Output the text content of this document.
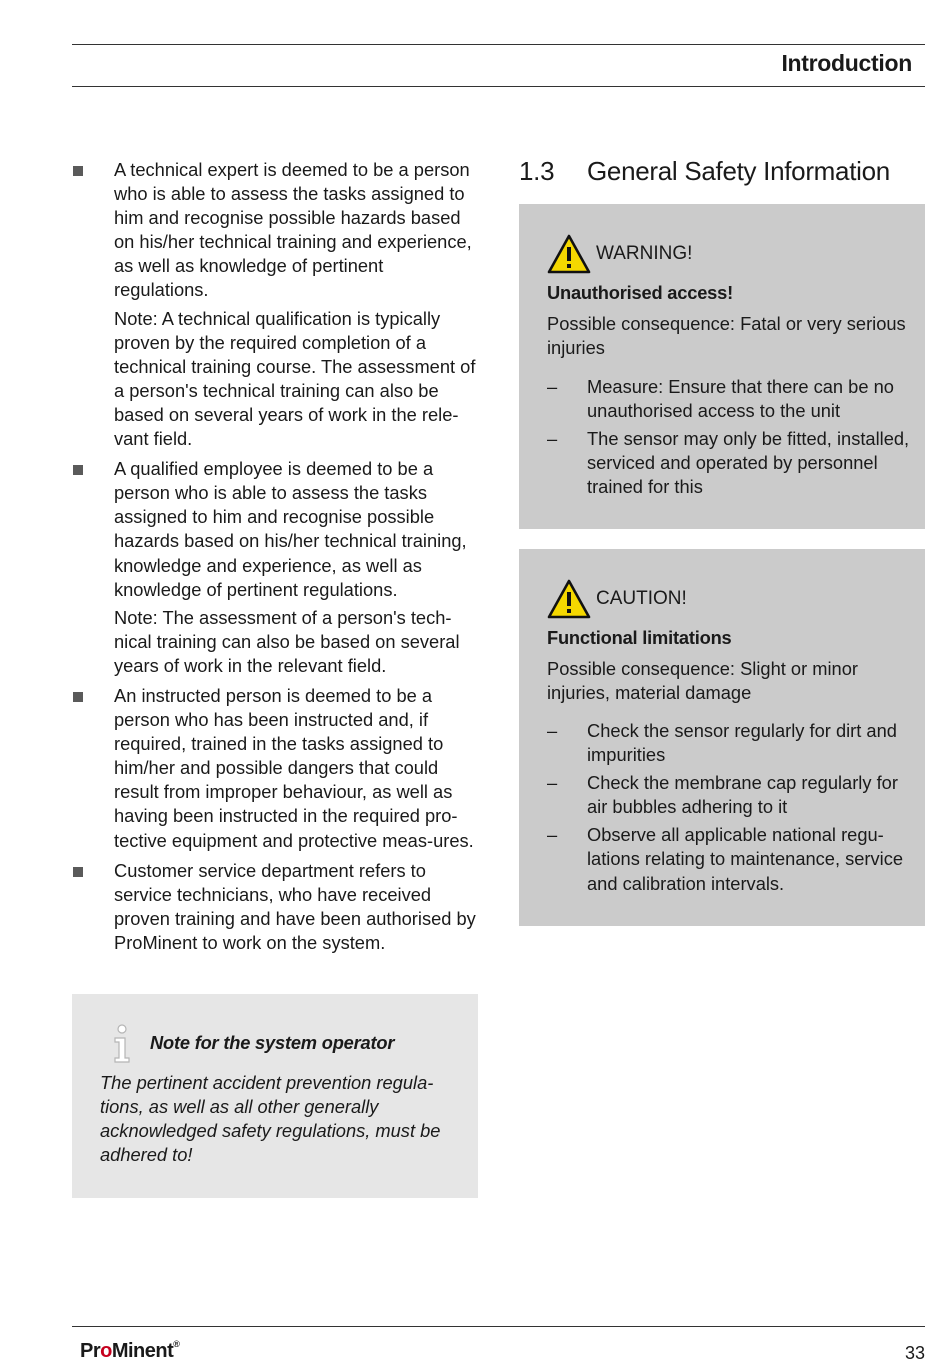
Introduction

A technical expert is deemed to be a person who is able to assess the tasks assigned to him and recognise possible hazards based on his/her technical training and experience, as well as knowledge of pertinent regulations.

Note: A technical qualification is typically proven by the required completion of a technical training course. The assessment of a person's technical training can also be based on several years of work in the rele‐vant field.

A qualified employee is deemed to be a person who is able to assess the tasks assigned to him and recognise possible hazards based on his/her technical training, knowledge and experience, as well as knowledge of pertinent regulations.

Note: The assessment of a person's tech‐nical training can also be based on several years of work in the relevant field.

An instructed person is deemed to be a person who has been instructed and, if required, trained in the tasks assigned to him/her and possible dangers that could result from improper behaviour, as well as having been instructed in the required pro‐tective equipment and protective meas‐ures.

Customer service department refers to service technicians, who have received proven training and have been authorised by ProMinent to work on the system.

Note for the system operator
The pertinent accident prevention regula‐tions, as well as all other generally acknowledged safety regulations, must be adhered to!
1.3 General Safety Information
WARNING!
Unauthorised access!
Possible consequence: Fatal or very serious injuries
– Measure: Ensure that there can be no unauthorised access to the unit
– The sensor may only be fitted, installed, serviced and operated by personnel trained for this
CAUTION!
Functional limitations
Possible consequence: Slight or minor injuries, material damage
– Check the sensor regularly for dirt and impurities
– Check the membrane cap regularly for air bubbles adhering to it
– Observe all applicable national regu‐lations relating to maintenance, service and calibration intervals.
ProMinent®	33
